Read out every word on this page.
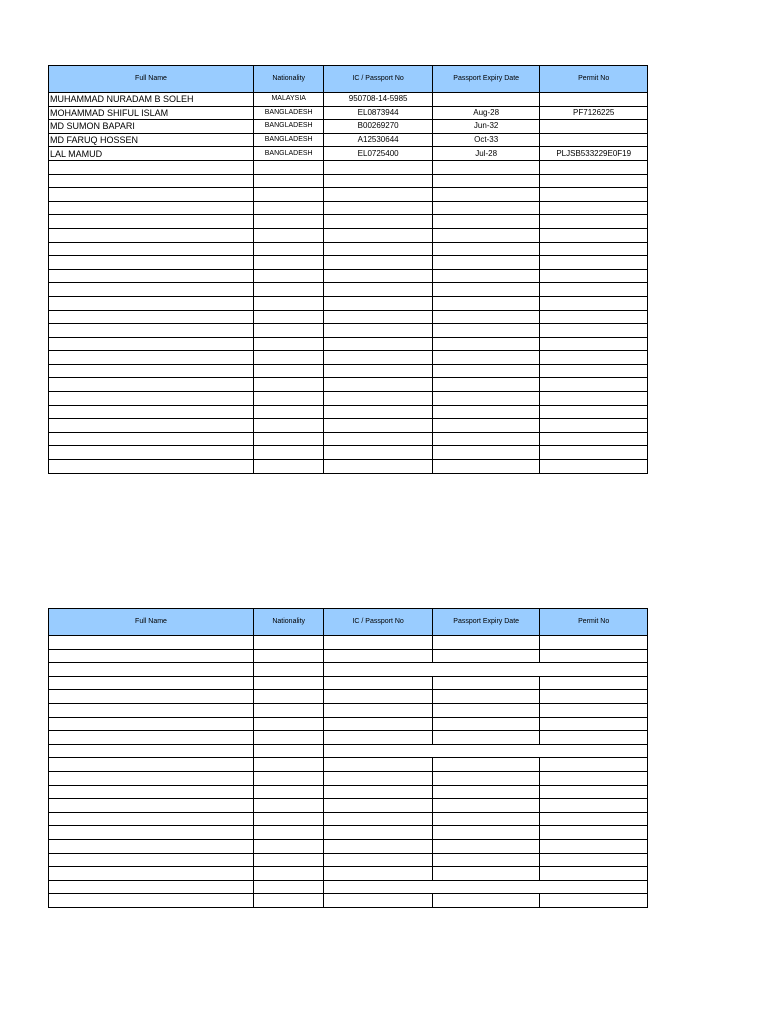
Full Name	Nationality	IC / Passport No	Passport Expiry Date	Permit No
MUHAMMAD NURADAM B SOLEH	MALAYSIA	950708-14-5985		
MOHAMMAD SHIFUL ISLAM	BANGLADESH	EL0873944	Aug-28	PF7126225
MD SUMON BAPARI	BANGLADESH	B00269270	Jun-32	
MD FARUQ HOSSEN	BANGLADESH	A12530644	Oct-33	
LAL MAMUD	BANGLADESH	EL0725400	Jul-28	PLJSB533229E0F19

Full Name	Nationality	IC / Passport No	Passport Expiry Date	Permit No
